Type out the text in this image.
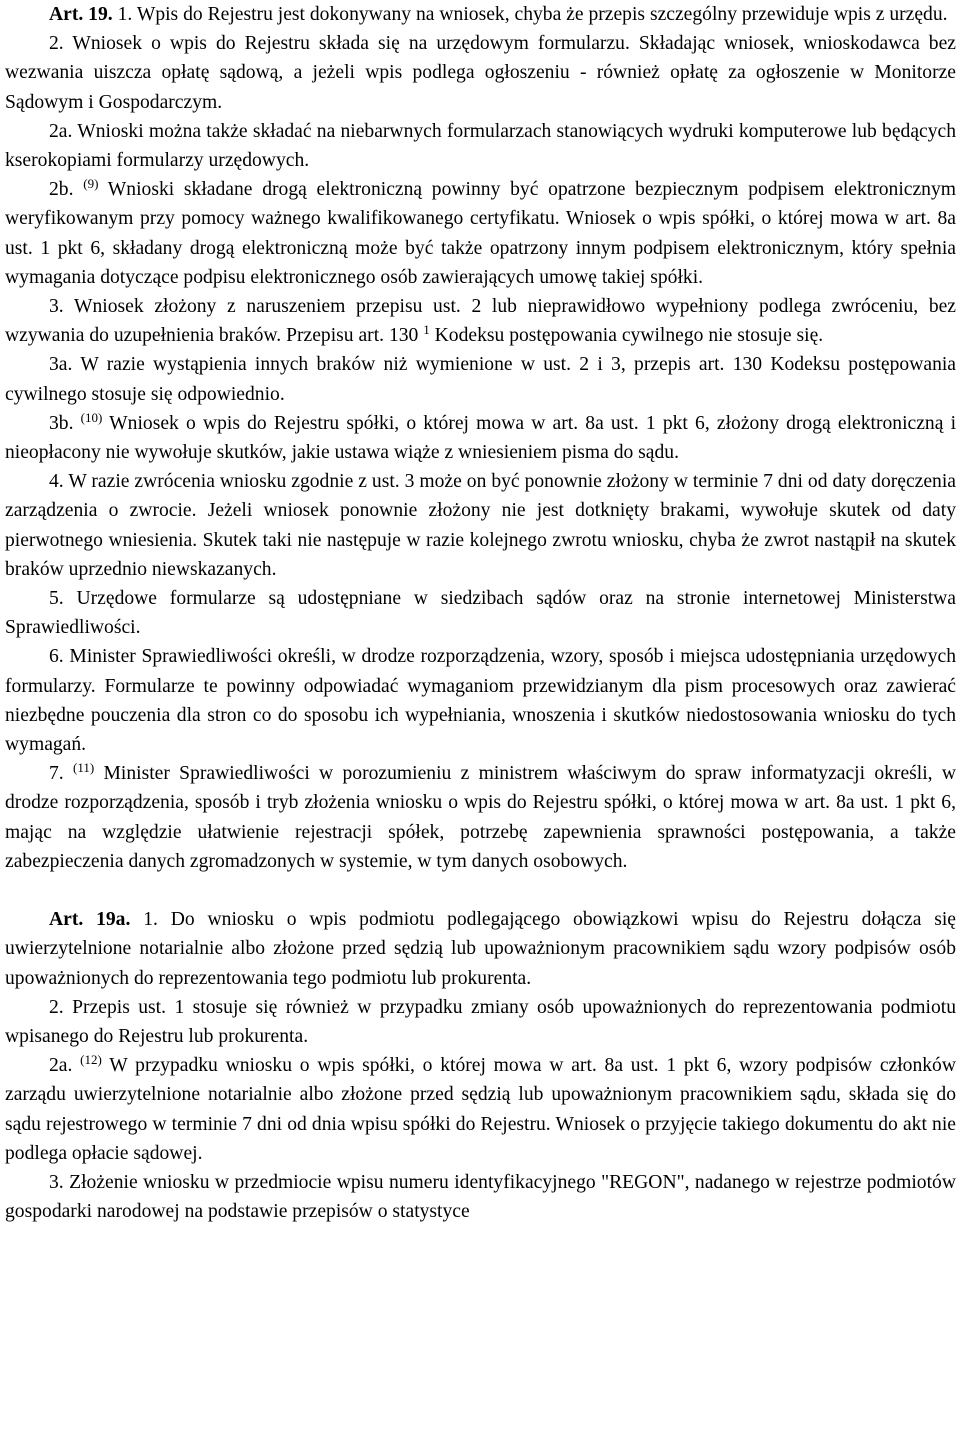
Art. 19. 1. Wpis do Rejestru jest dokonywany na wniosek, chyba że przepis szczególny przewiduje wpis z urzędu.

2. Wniosek o wpis do Rejestru składa się na urzędowym formularzu. Składając wniosek, wnioskodawca bez wezwania uiszcza opłatę sądową, a jeżeli wpis podlega ogłoszeniu - również opłatę za ogłoszenie w Monitorze Sądowym i Gospodarczym.

2a. Wnioski można także składać na niebarwnych formularzach stanowiących wydruki komputerowe lub będących kserokopiami formularzy urzędowych.

2b. $^{(9)}$ Wnioski składane drogą elektroniczną powinny być opatrzone bezpiecznym podpisem elektronicznym weryfikowanym przy pomocy ważnego kwalifikowanego certyfikatu. Wniosek o wpis spółki, o której mowa w art. 8a ust. 1 pkt 6, składany drogą elektroniczną może być także opatrzony innym podpisem elektronicznym, który spełnia wymagania dotyczące podpisu elektronicznego osób zawierających umowę takiej spółki.

3. Wniosek złożony z naruszeniem przepisu ust. 2 lub nieprawidłowo wypełniony podlega zwróceniu, bez wzywania do uzupełnienia braków. Przepisu art. 130 $^1$ Kodeksu postępowania cywilnego nie stosuje się.

3a. W razie wystąpienia innych braków niż wymienione w ust. 2 i 3, przepis art. 130 Kodeksu postępowania cywilnego stosuje się odpowiednio.

3b. $^{(10)}$ Wniosek o wpis do Rejestru spółki, o której mowa w art. 8a ust. 1 pkt 6, złożony drogą elektroniczną i nieopłacony nie wywołuje skutków, jakie ustawa wiąże z wniesieniem pisma do sądu.

4. W razie zwrócenia wniosku zgodnie z ust. 3 może on być ponownie złożony w terminie 7 dni od daty doręczenia zarządzenia o zwrocie. Jeżeli wniosek ponownie złożony nie jest dotknięty brakami, wywołuje skutek od daty pierwotnego wniesienia. Skutek taki nie następuje w razie kolejnego zwrotu wniosku, chyba że zwrot nastąpił na skutek braków uprzednio niewskazanych.

5. Urzędowe formularze są udostępniane w siedzibach sądów oraz na stronie internetowej Ministerstwa Sprawiedliwości.

6. Minister Sprawiedliwości określi, w drodze rozporządzenia, wzory, sposób i miejsca udostępniania urzędowych formularzy. Formularze te powinny odpowiadać wymaganiom przewidzianym dla pism procesowych oraz zawierać niezbędne pouczenia dla stron co do sposobu ich wypełniania, wnoszenia i skutków niedostosowania wniosku do tych wymagań.

7. $^{(11)}$ Minister Sprawiedliwości w porozumieniu z ministrem właściwym do spraw informatyzacji określi, w drodze rozporządzenia, sposób i tryb złożenia wniosku o wpis do Rejestru spółki, o której mowa w art. 8a ust. 1 pkt 6, mając na względzie ułatwienie rejestracji spółek, potrzebę zapewnienia sprawności postępowania, a także zabezpieczenia danych zgromadzonych w systemie, w tym danych osobowych.

Art. 19a. 1. Do wniosku o wpis podmiotu podlegającego obowiązkowi wpisu do Rejestru dołącza się uwierzytelnione notarialnie albo złożone przed sędzią lub upoważnionym pracownikiem sądu wzory podpisów osób upoważnionych do reprezentowania tego podmiotu lub prokurenta.

2. Przepis ust. 1 stosuje się również w przypadku zmiany osób upoważnionych do reprezentowania podmiotu wpisanego do Rejestru lub prokurenta.

2a. $^{(12)}$ W przypadku wniosku o wpis spółki, o której mowa w art. 8a ust. 1 pkt 6, wzory podpisów członków zarządu uwierzytelnione notarialnie albo złożone przed sędzią lub upoważnionym pracownikiem sądu, składa się do sądu rejestrowego w terminie 7 dni od dnia wpisu spółki do Rejestru. Wniosek o przyjęcie takiego dokumentu do akt nie podlega opłacie sądowej.

3. Złożenie wniosku w przedmiocie wpisu numeru identyfikacyjnego "REGON", nadanego w rejestrze podmiotów gospodarki narodowej na podstawie przepisów o statystyce
